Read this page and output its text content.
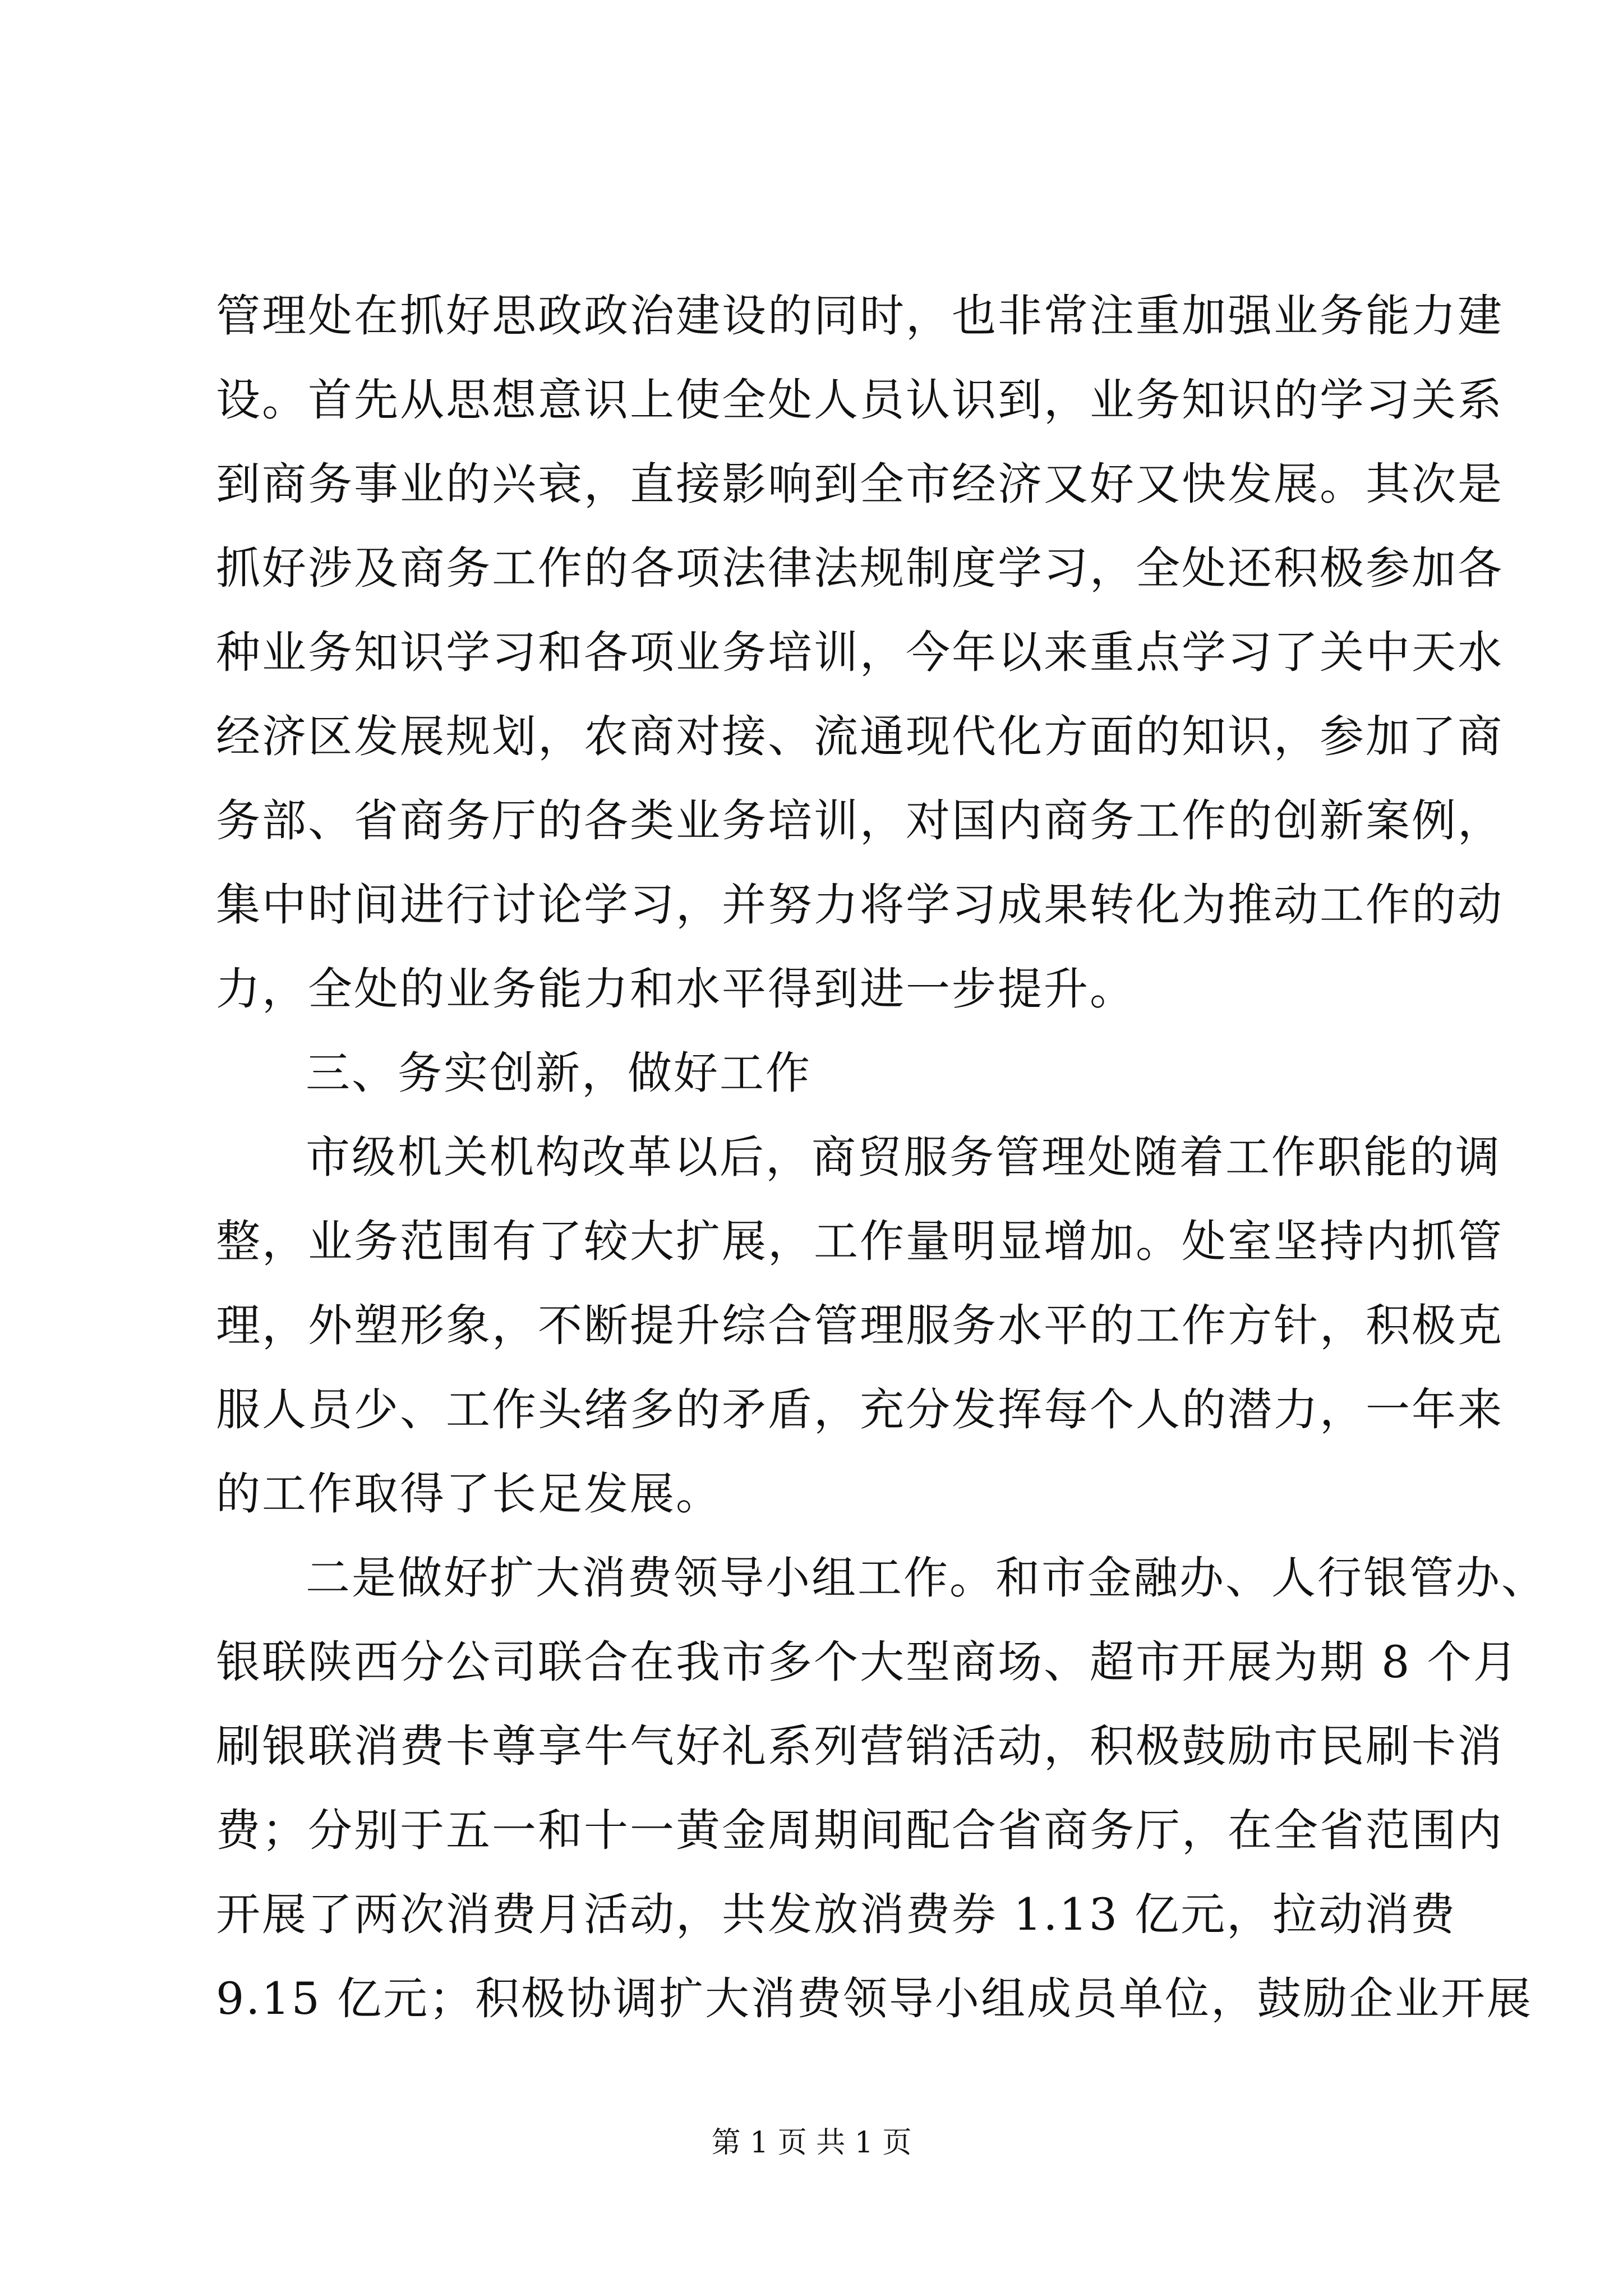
管理处在抓好思政政治建设的同时，也非常注重加强业务能力建
设。首先从思想意识上使全处人员认识到，业务知识的学习关系
到商务事业的兴衰，直接影响到全市经济又好又快发展。其次是
抓好涉及商务工作的各项法律法规制度学习，全处还积极参加各
种业务知识学习和各项业务培训，今年以来重点学习了关中天水
经济区发展规划，农商对接、流通现代化方面的知识，参加了商
务部、省商务厅的各类业务培训，对国内商务工作的创新案例，
集中时间进行讨论学习，并努力将学习成果转化为推动工作的动
力，全处的业务能力和水平得到进一步提升。
三、务实创新，做好工作
市级机关机构改革以后，商贸服务管理处随着工作职能的调
整，业务范围有了较大扩展，工作量明显增加。处室坚持内抓管
理，外塑形象，不断提升综合管理服务水平的工作方针，积极克
服人员少、工作头绪多的矛盾，充分发挥每个人的潜力，一年来
的工作取得了长足发展。
二是做好扩大消费领导小组工作。和市金融办、人行银管办、
银联陕西分公司联合在我市多个大型商场、超市开展为期 8 个月
刷银联消费卡尊享牛气好礼系列营销活动，积极鼓励市民刷卡消
费；分别于五一和十一黄金周期间配合省商务厅，在全省范围内
开展了两次消费月活动，共发放消费券 1.13 亿元，拉动消费
9.15 亿元；积极协调扩大消费领导小组成员单位，鼓励企业开展
第 1 页 共 1 页
